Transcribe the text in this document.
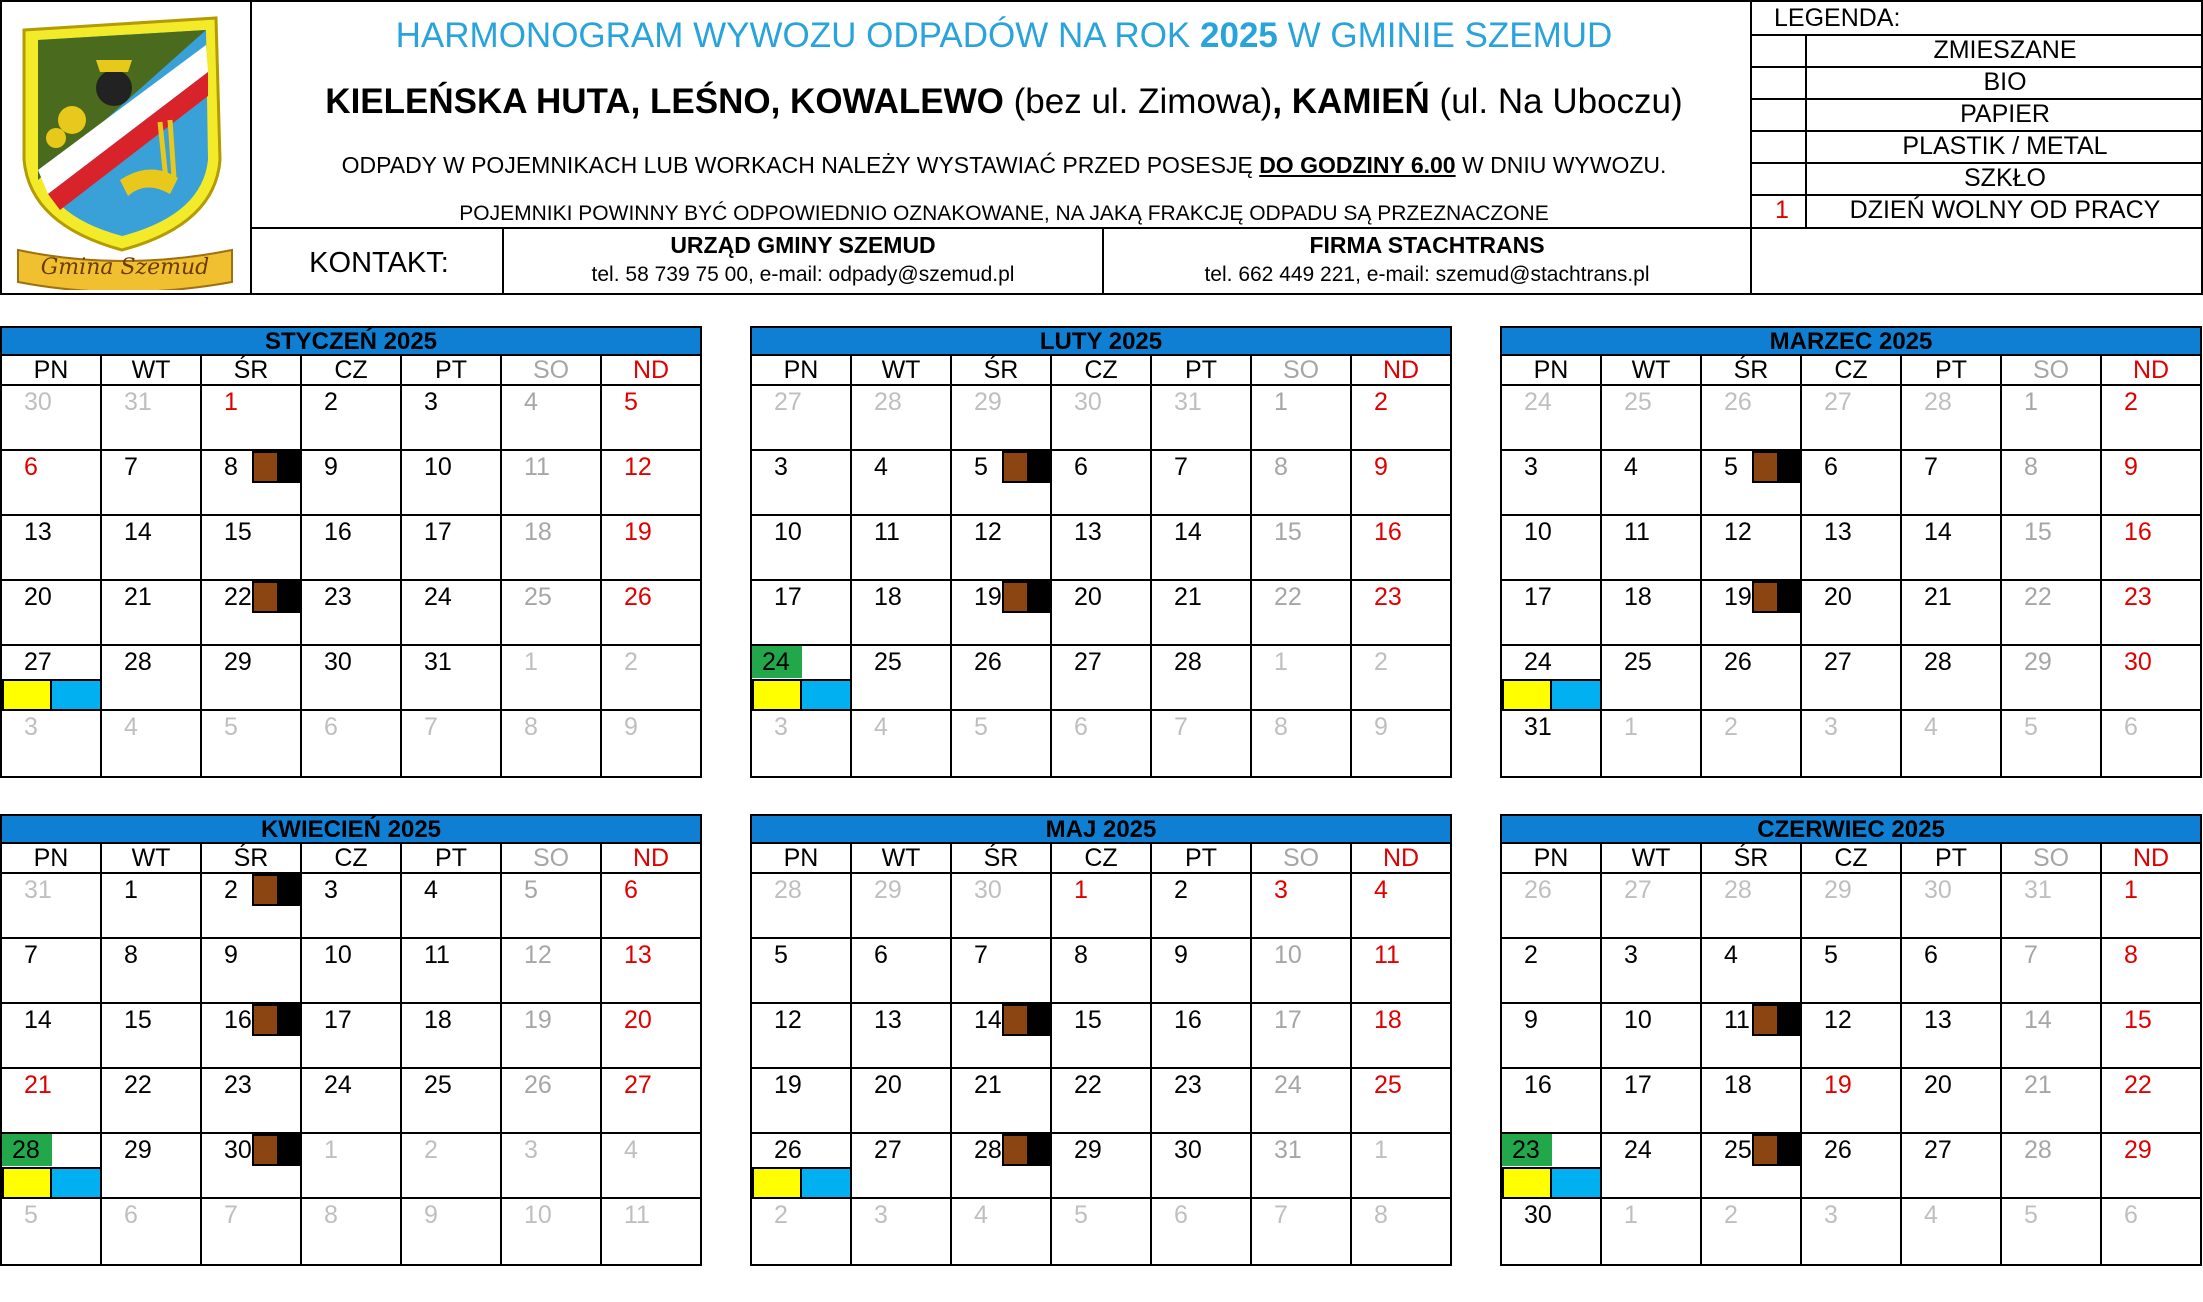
Gmina Szemud
HARMONOGRAM WYWOZU ODPADÓW NA ROK 2025 W GMINIE SZEMUD
KIELEŃSKA HUTA, LEŚNO, KOWALEWO (bez ul. Zimowa), KAMIEŃ (ul. Na Uboczu)
ODPADY W POJEMNIKACH LUB WORKACH NALEŻY WYSTAWIAĆ PRZED POSESJĘ DO GODZINY 6.00 W DNIU WYWOZU.
POJEMNIKI POWINNY BYĆ ODPOWIEDNIO OZNAKOWANE, NA JAKĄ FRAKCJĘ ODPADU SĄ PRZEZNACZONE
KONTAKT:
URZĄD GMINY SZEMUD
tel. 58 739 75 00, e-mail: odpady@szemud.pl
FIRMA STACHTRANS
tel. 662 449 221, e-mail: szemud@stachtrans.pl
LEGENDA:
ZMIESZANE
BIO
PAPIER
PLASTIK / METAL
SZKŁO
1	DZIEŃ WOLNY OD PRACY
STYCZEŃ 2025
PN	WT	ŚR	CZ	PT	SO	ND
30	31	1	2	3	4	5
6	7	8	9	10	11	12
13	14	15	16	17	18	19
20	21	22	23	24	25	26
27	28	29	30	31	1	2
3	4	5	6	7	8	9
LUTY 2025
PN	WT	ŚR	CZ	PT	SO	ND
27	28	29	30	31	1	2
3	4	5	6	7	8	9
10	11	12	13	14	15	16
17	18	19	20	21	22	23
24	25	26	27	28	1	2
3	4	5	6	7	8	9
MARZEC 2025
PN	WT	ŚR	CZ	PT	SO	ND
24	25	26	27	28	1	2
3	4	5	6	7	8	9
10	11	12	13	14	15	16
17	18	19	20	21	22	23
24	25	26	27	28	29	30
31	1	2	3	4	5	6
KWIECIEŃ 2025
PN	WT	ŚR	CZ	PT	SO	ND
31	1	2	3	4	5	6
7	8	9	10	11	12	13
14	15	16	17	18	19	20
21	22	23	24	25	26	27
28	29	30	1	2	3	4
5	6	7	8	9	10	11
MAJ 2025
PN	WT	ŚR	CZ	PT	SO	ND
28	29	30	1	2	3	4
5	6	7	8	9	10	11
12	13	14	15	16	17	18
19	20	21	22	23	24	25
26	27	28	29	30	31	1
2	3	4	5	6	7	8
CZERWIEC 2025
PN	WT	ŚR	CZ	PT	SO	ND
26	27	28	29	30	31	1
2	3	4	5	6	7	8
9	10	11	12	13	14	15
16	17	18	19	20	21	22
23	24	25	26	27	28	29
30	1	2	3	4	5	6
